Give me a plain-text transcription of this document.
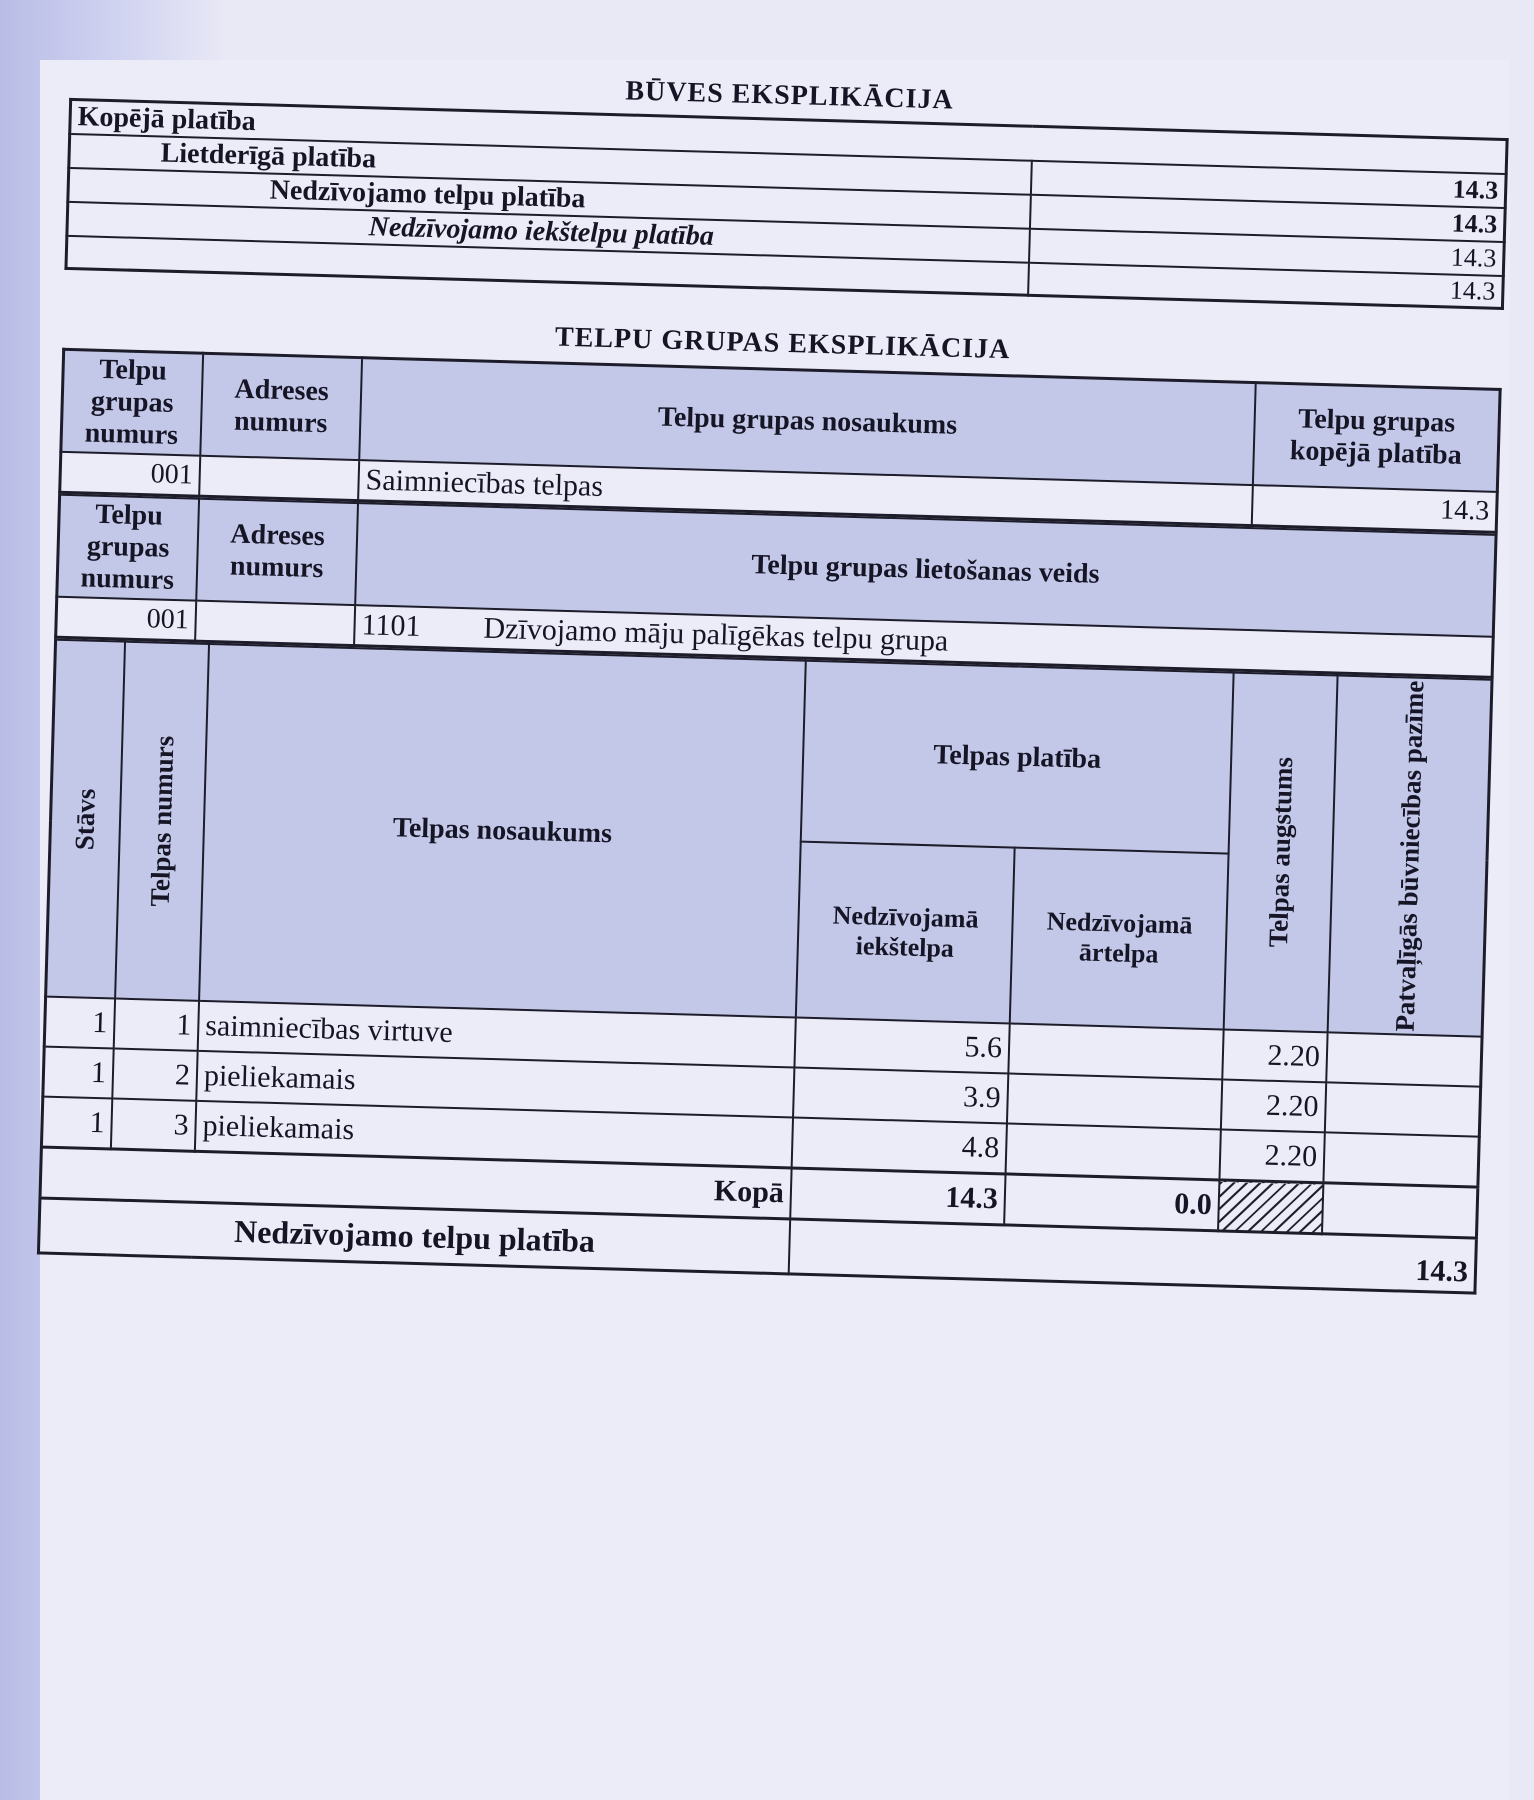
BŪVES EKSPLIKĀCIJA
Kopējā platība	
Lietderīgā platība	14.3
Nedzīvojamo telpu platība	14.3
Nedzīvojamo iekštelpu platība	14.3
	14.3
TELPU GRUPAS EKSPLIKĀCIJA
Telpu grupas numurs	Adreses numurs	Telpu grupas nosaukums	Telpu grupas kopējā platība
001		Saimniecības telpas	14.3
Telpu grupas numurs	Adreses numurs	Telpu grupas lietošanas veids	
001		1101	Dzīvojamo māju palīgēkas telpu grupa
Stāvs	Telpas numurs	Telpas nosaukums	Telpas platība		Telpas augstums	Patvaļīgās būvniecības pazīme

			Nedzīvojamā iekštelpa	Nedzīvojamā ārtelpa		
1	1	saimniecības virtuve	5.6		2.20	
1	2	pieliekamais	3.9		2.20	
1	3	pieliekamais	4.8		2.20	
Kopā			14.3	0.0		
Nedzīvojamo telpu platība			14.3			
